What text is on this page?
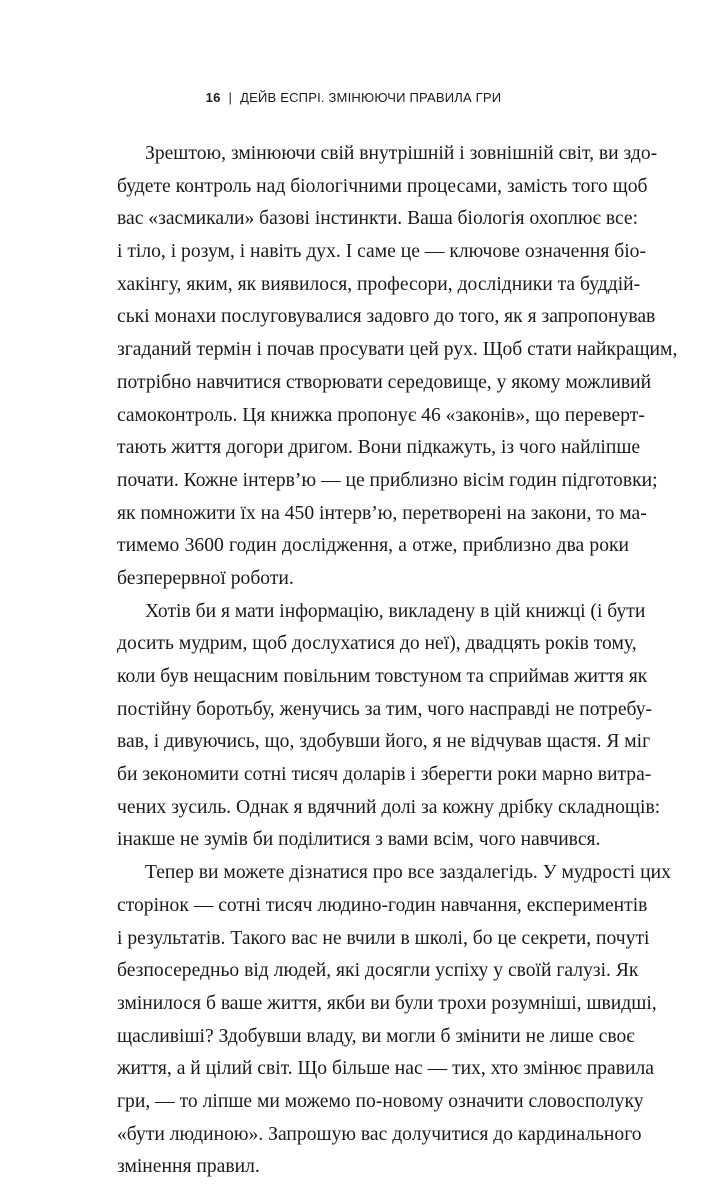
16 | ДЕЙВ ЕСПРІ. ЗМІНЮЮЧИ ПРАВИЛА ГРИ
Зрештою, змінюючи свій внутрішній і зовнішній світ, ви здо-
будете контроль над біологічними процесами, замість того щоб
вас «засмикали» базові інстинкти. Ваша біологія охоплює все:
і тіло, і розум, і навіть дух. І саме це — ключове означення біо-
хакінгу, яким, як виявилося, професори, дослідники та буддій-
ські монахи послуговувалися задовго до того, як я запропонував
згаданий термін і почав просувати цей рух. Щоб стати найкращим,
потрібно навчитися створювати середовище, у якому можливий
самоконтроль. Ця книжка пропонує 46 «законів», що переверт-
тають життя догори дригом. Вони підкажуть, із чого найліпше
почати. Кожне інтерв’ю — це приблизно вісім годин підготовки;
як помножити їх на 450 інтерв’ю, перетворені на закони, то ма-
тимемо 3600 годин дослідження, а отже, приблизно два роки
безперервної роботи.
Хотів би я мати інформацію, викладену в цій книжці (і бути
досить мудрим, щоб дослухатися до неї), двадцять років тому,
коли був нещасним повільним товстуном та сприймав життя як
постійну боротьбу, женучись за тим, чого насправді не потребу-
вав, і дивуючись, що, здобувши його, я не відчував щастя. Я міг
би зекономити сотні тисяч доларів і зберегти роки марно витра-
чених зусиль. Однак я вдячний долі за кожну дрібку складнощів:
інакше не зумів би поділитися з вами всім, чого навчився.
Тепер ви можете дізнатися про все заздалегідь. У мудрості цих
сторінок — сотні тисяч людино-годин навчання, експериментів
і результатів. Такого вас не вчили в школі, бо це секрети, почуті
безпосередньо від людей, які досягли успіху у своїй галузі. Як
змінилося б ваше життя, якби ви були трохи розумніші, швидші,
щасливіші? Здобувши владу, ви могли б змінити не лише своє
життя, а й цілий світ. Що більше нас — тих, хто змінює правила
гри, — то ліпше ми можемо по-новому означити словосполуку
«бути людиною». Запрошую вас долучитися до кардинального
змінення правил.
